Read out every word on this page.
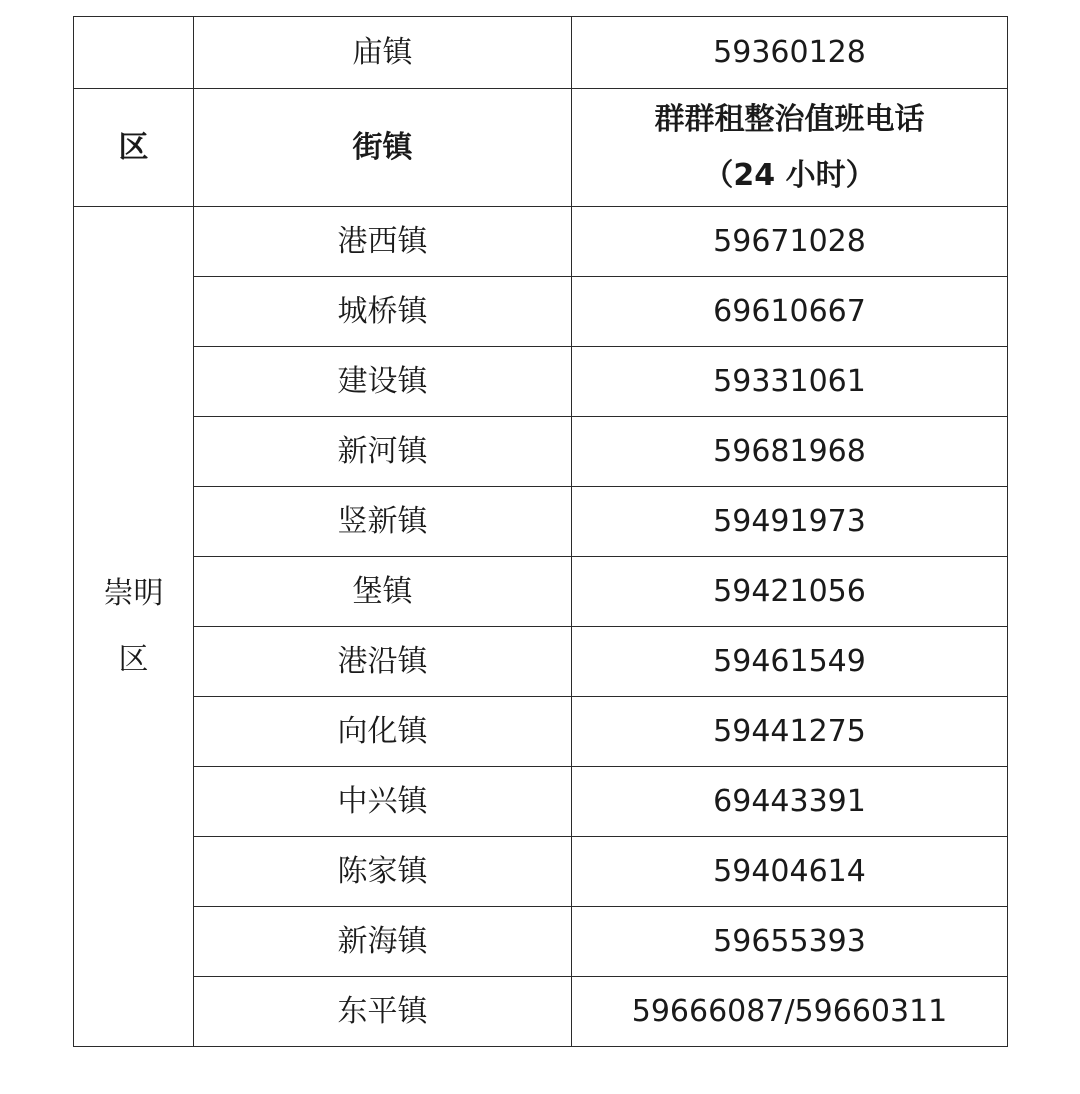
	庙镇	59360128
区	街镇	群群租整治值班电话
（24 小时）

崇明区	港西镇	59671028
	城桥镇	69610667
	建设镇	59331061
	新河镇	59681968
	竖新镇	59491973
	堡镇	59421056
	港沿镇	59461549
	向化镇	59441275
	中兴镇	69443391
	陈家镇	59404614
	新海镇	59655393
	东平镇	59666087/59660311
